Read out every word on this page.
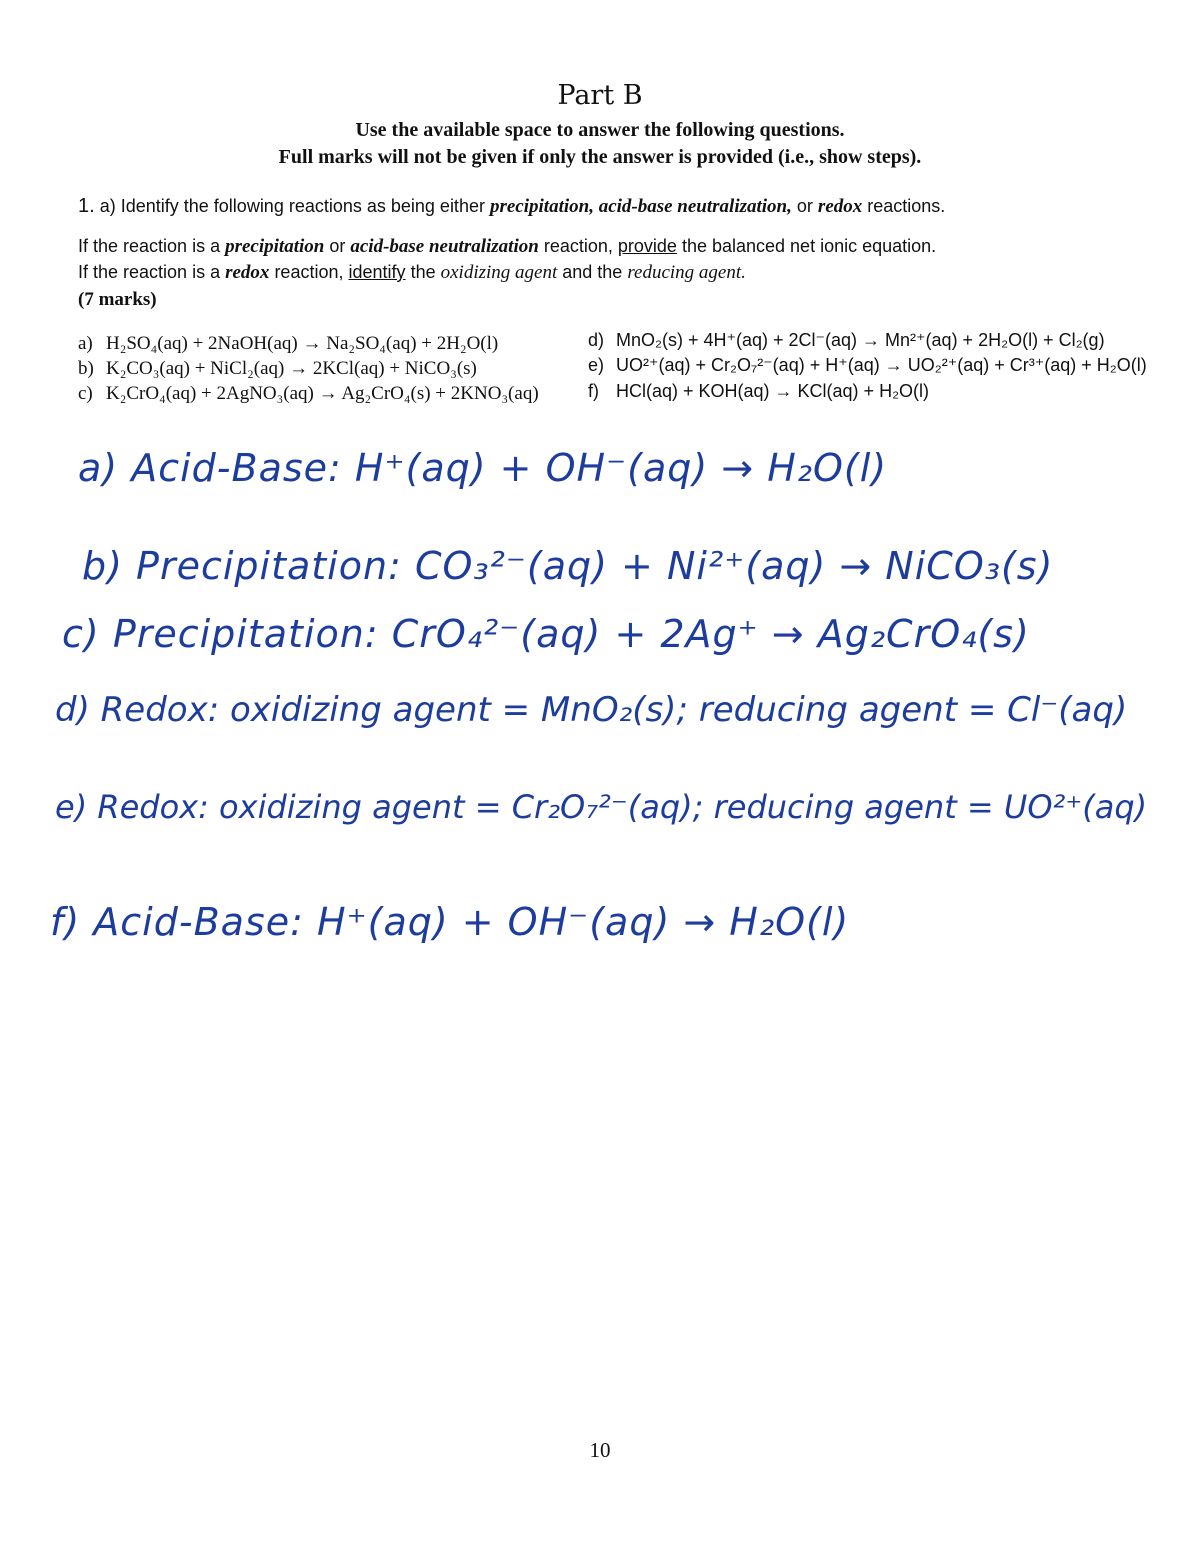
Part B
Use the available space to answer the following questions.
Full marks will not be given if only the answer is provided (i.e., show steps).
1. a) Identify the following reactions as being either precipitation, acid-base neutralization, or redox reactions.
If the reaction is a precipitation or acid-base neutralization reaction, provide the balanced net ionic equation.
If the reaction is a redox reaction, identify the oxidizing agent and the reducing agent.
(7 marks)
a) H₂SO₄(aq) + 2NaOH(aq) → Na₂SO₄(aq) + 2H₂O(l)
b) K₂CO₃(aq) + NiCl₂(aq) → 2KCl(aq) + NiCO₃(s)
c) K₂CrO₄(aq) + 2AgNO₃(aq) → Ag₂CrO₄(s) + 2KNO₃(aq)
d) MnO₂(s) + 4H⁺(aq) + 2Cl⁻(aq) → Mn²⁺(aq) + 2H₂O(l) + Cl₂(g)
e) UO²⁺(aq) + Cr₂O₇²⁻(aq) + H⁺(aq) → UO₂²⁺(aq) + Cr³⁺(aq) + H₂O(l)
f) HCl(aq) + KOH(aq) → KCl(aq) + H₂O(l)
a) Acid-Base: H⁺(aq) + OH⁻(aq) → H₂O(l)
b) Precipitation: CO₃²⁻(aq) + Ni²⁺(aq) → NiCO₃(s)
c) Precipitation: CrO₄²⁻(aq) + 2Ag⁺ → Ag₂CrO₄(s)
d) Redox: oxidizing agent = MnO₂(s); reducing agent = Cl⁻(aq)
e) Redox: oxidizing agent = Cr₂O₇²⁻(aq); reducing agent = UO²⁺(aq)
f) Acid-Base: H⁺(aq) + OH⁻(aq) → H₂O(l)
10
